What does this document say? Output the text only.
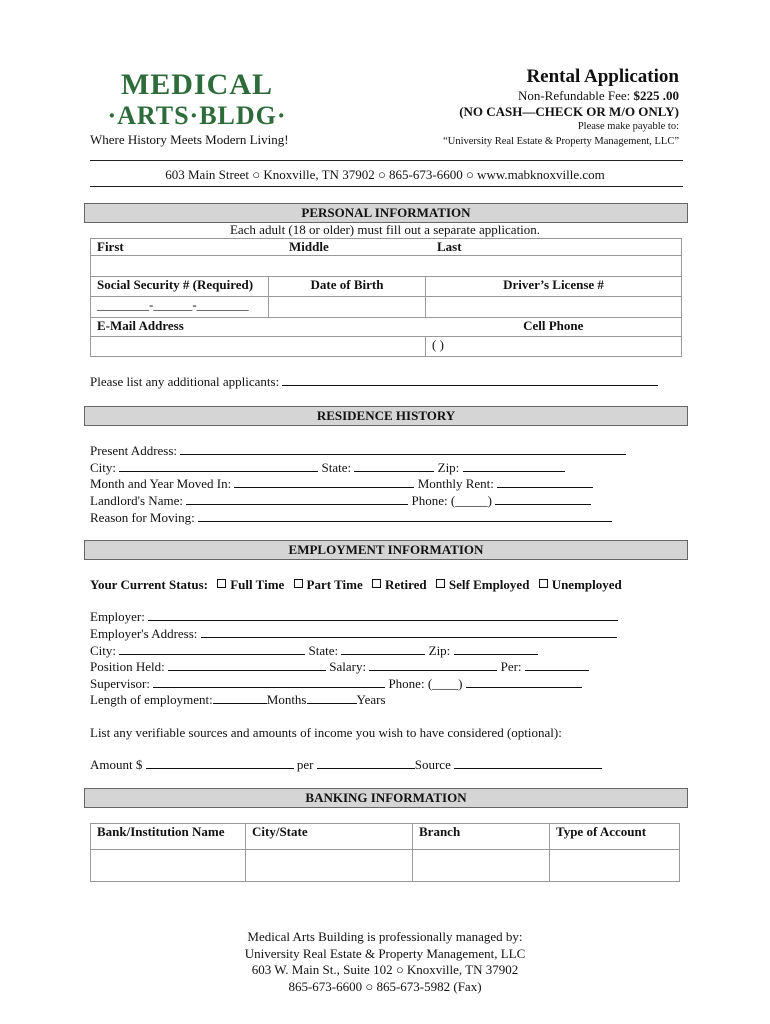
MEDICAL
·ARTS·BLDG·
Where History Meets Modern Living!
Rental Application
Non-Refundable Fee: $225 .00
(NO CASH—CHECK OR M/O ONLY)
Please make payable to:
“University Real Estate & Property Management, LLC”
603 Main Street ○ Knoxville, TN 37902 ○ 865-673-6600 ○ www.mabknoxville.com
PERSONAL INFORMATION
Each adult (18 or older) must fill out a separate application.
First Middle Last		

Social Security # (Required)	Date of Birth	Driver’s License #
________-______-________		
E-Mail Address		Cell Phone
		( )
Please list any additional applicants:
RESIDENCE HISTORY
Present Address:
City:	State:	Zip:
Month and Year Moved In:	Monthly Rent:
Landlord's Name:	Phone: (_____)
Reason for Moving:
EMPLOYMENT INFORMATION
Your Current Status: Full Time Part Time Retired Self Employed Unemployed
Employer:
Employer's Address:
City:	State:	Zip:
Position Held:	Salary:	Per:
Supervisor:	Phone: (____)
Length of employment:	Months	Years
List any verifiable sources and amounts of income you wish to have considered (optional):
Amount $	per	Source
BANKING INFORMATION
Bank/Institution Name	City/State	Branch	Type of Account

Medical Arts Building is professionally managed by:
University Real Estate & Property Management, LLC
603 W. Main St., Suite 102 ○ Knoxville, TN 37902
865-673-6600 ○ 865-673-5982 (Fax)
